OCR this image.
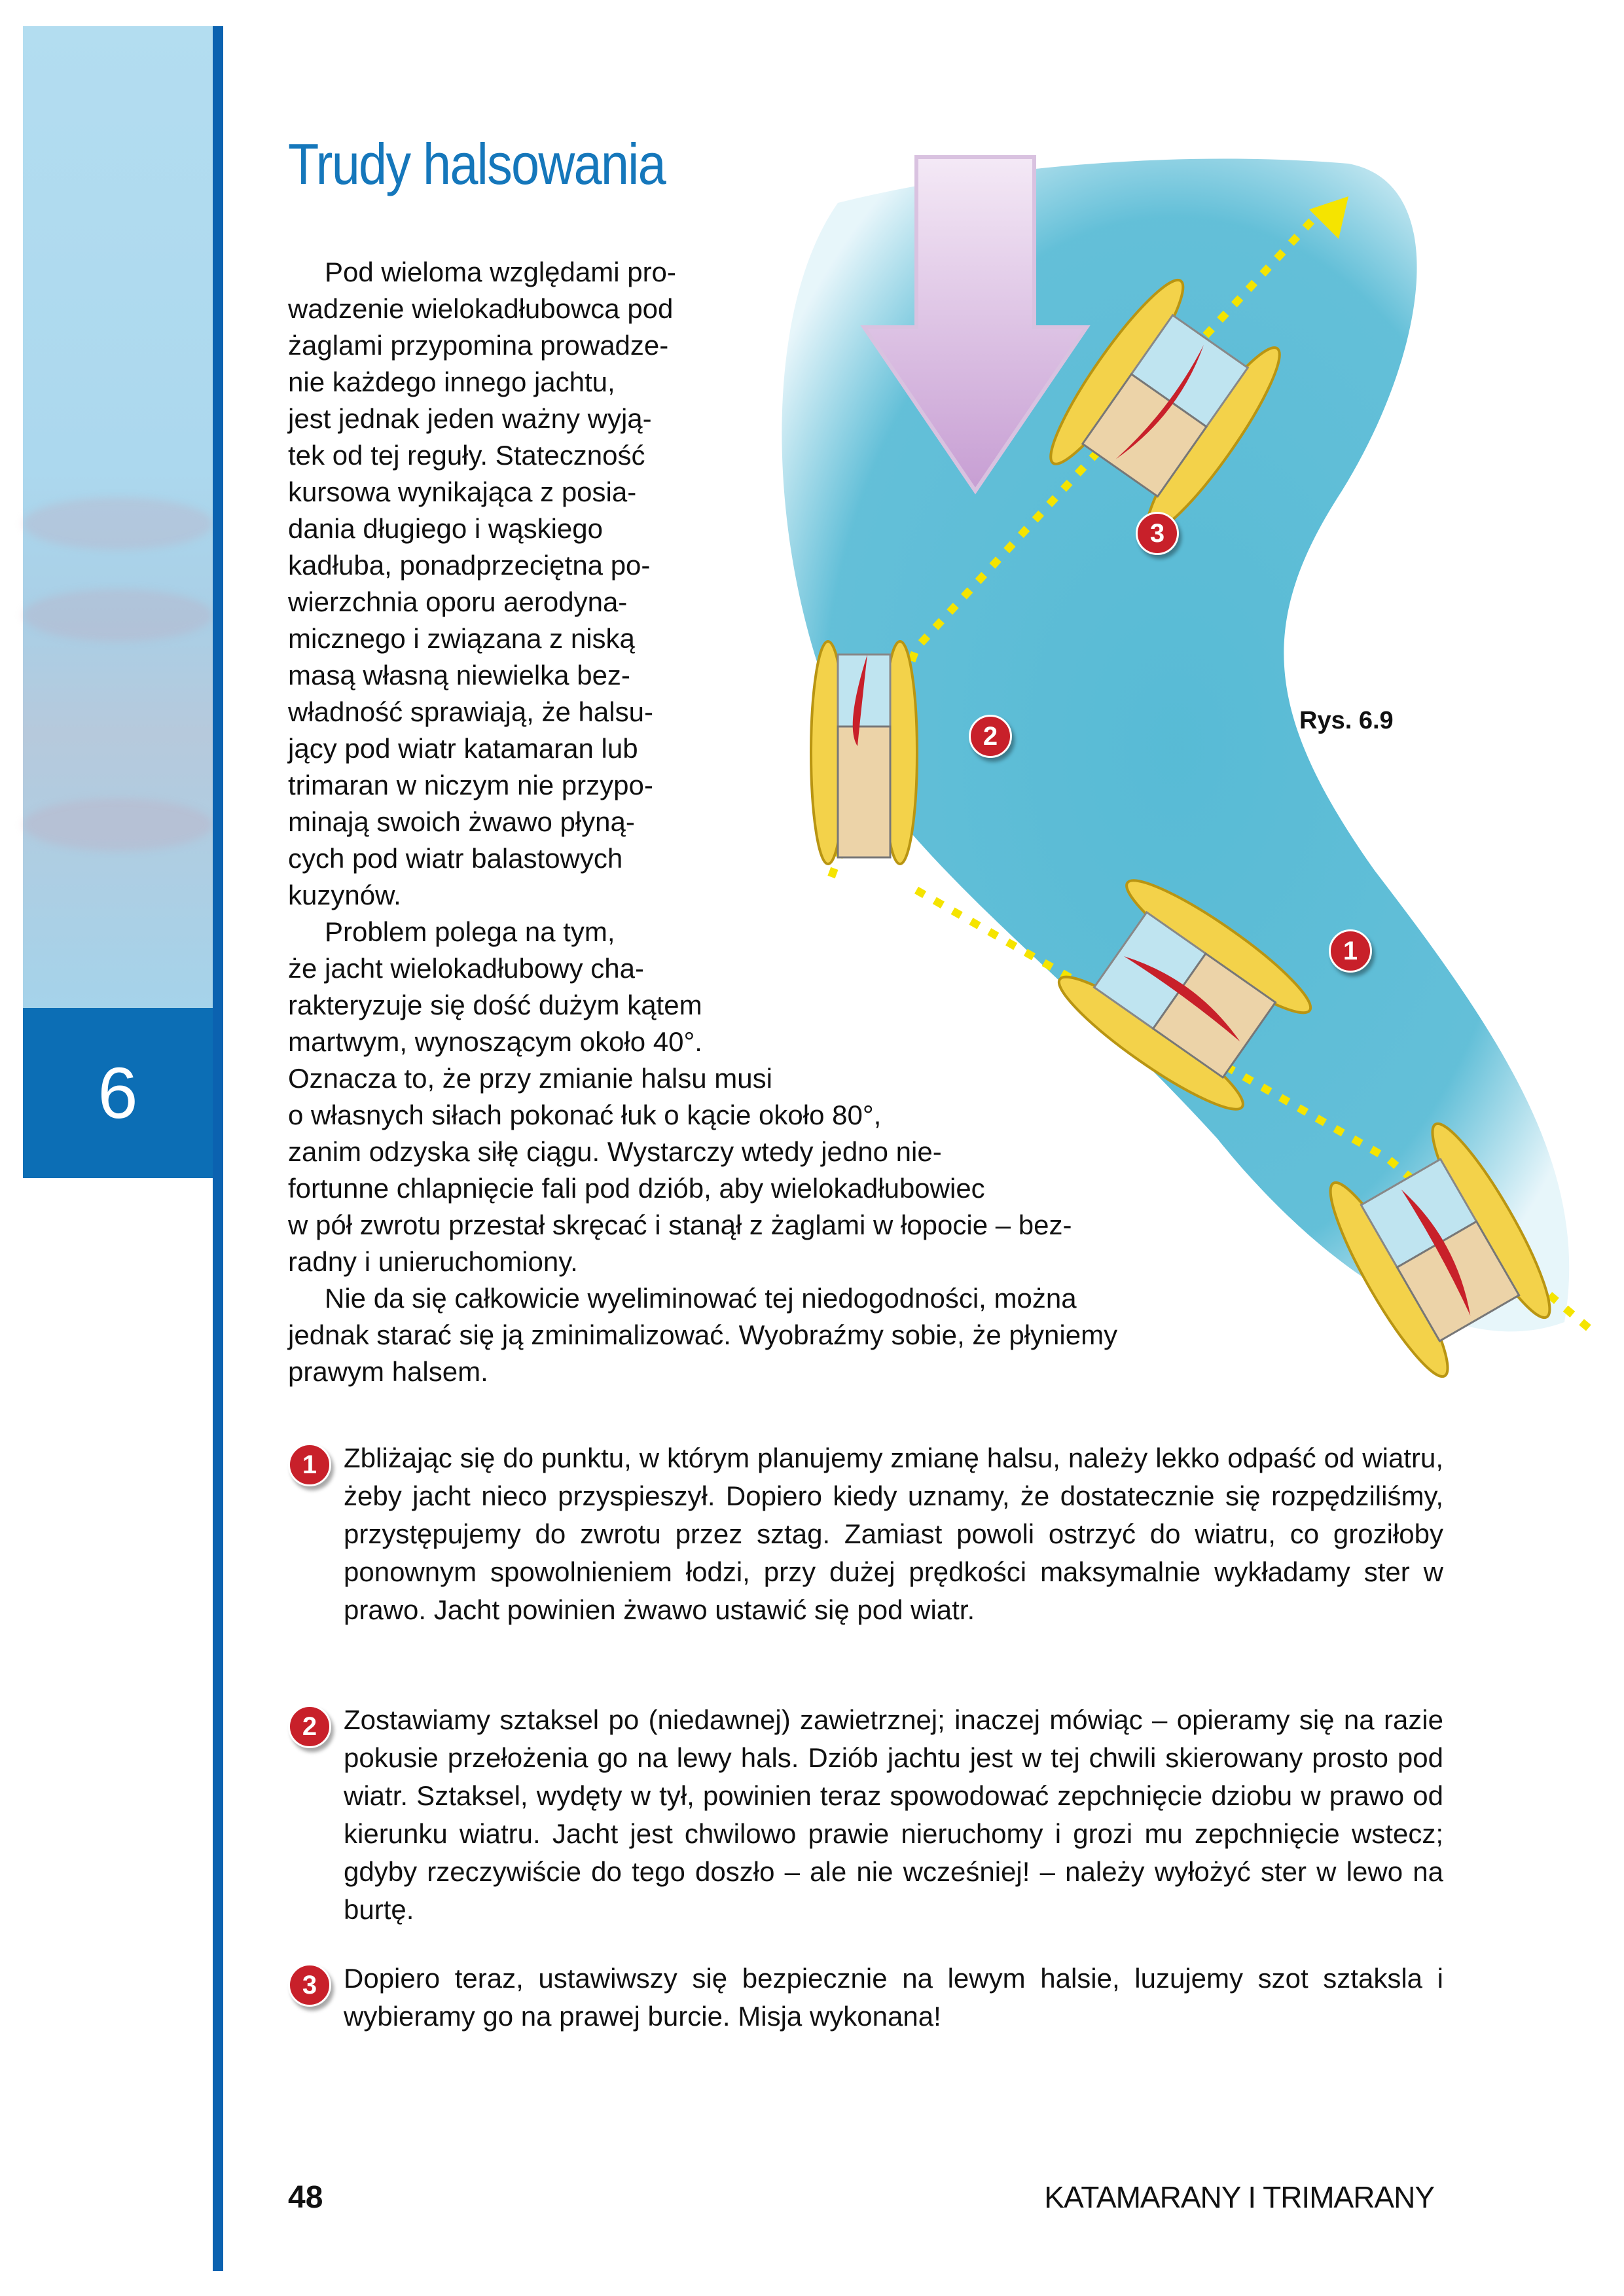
6
Trudy halsowania
3
2
1
Rys. 6.9
Pod wieloma względami pro-
wadzenie wielokadłubowca pod
żaglami przypomina prowadze-
nie każdego innego jachtu,
jest jednak jeden ważny wyją-
tek od tej reguły. Stateczność
kursowa wynikająca z posia-
dania długiego i wąskiego
kadłuba, ponadprzeciętna po-
wierzchnia oporu aerodyna-
micznego i związana z niską
masą własną niewielka bez-
władność sprawiają, że halsu-
jący pod wiatr katamaran lub
trimaran w niczym nie przypo-
minają swoich żwawo płyną-
cych pod wiatr balastowych
kuzynów.
Problem polega na tym,
że jacht wielokadłubowy cha-
rakteryzuje się dość dużym kątem
martwym, wynoszącym około 40°.
Oznacza to, że przy zmianie halsu musi
o własnych siłach pokonać łuk o kącie około 80°,
zanim odzyska siłę ciągu. Wystarczy wtedy jedno nie-
fortunne chlapnięcie fali pod dziób, aby wielokadłubowiec
w pół zwrotu przestał skręcać i stanął z żaglami w łopocie – bez-
radny i unieruchomiony.
Nie da się całkowicie wyeliminować tej niedogodności, można
jednak starać się ją zminimalizować. Wyobraźmy sobie, że płyniemy
prawym halsem.
1 Zbliżając się do punktu, w którym planujemy zmianę halsu, należy lekko odpaść od wiatru, żeby jacht nieco przyspieszył. Dopiero kiedy uznamy, że dostatecznie się rozpędziliśmy, przystępujemy do zwrotu przez sztag. Zamiast powoli ostrzyć do wiatru, co groziłoby ponownym spowolnieniem łodzi, przy dużej prędkości maksymalnie wykładamy ster w prawo. Jacht powinien żwawo ustawić się pod wiatr.
2 Zostawiamy sztaksel po (niedawnej) zawietrznej; inaczej mówiąc – opieramy się na razie pokusie przełożenia go na lewy hals. Dziób jachtu jest w tej chwili skierowany prosto pod wiatr. Sztaksel, wydęty w tył, powinien teraz spowodować zepchnięcie dziobu w prawo od kierunku wiatru. Jacht jest chwilowo prawie nieruchomy i grozi mu zepchnięcie wstecz; gdyby rzeczywiście do tego doszło – ale nie wcześniej! – należy wyłożyć ster w lewo na burtę.
3 Dopiero teraz, ustawiwszy się bezpiecznie na lewym halsie, luzujemy szot sztaksla i wybieramy go na prawej burcie. Misja wykonana!
48	KATAMARANY I TRIMARANY
